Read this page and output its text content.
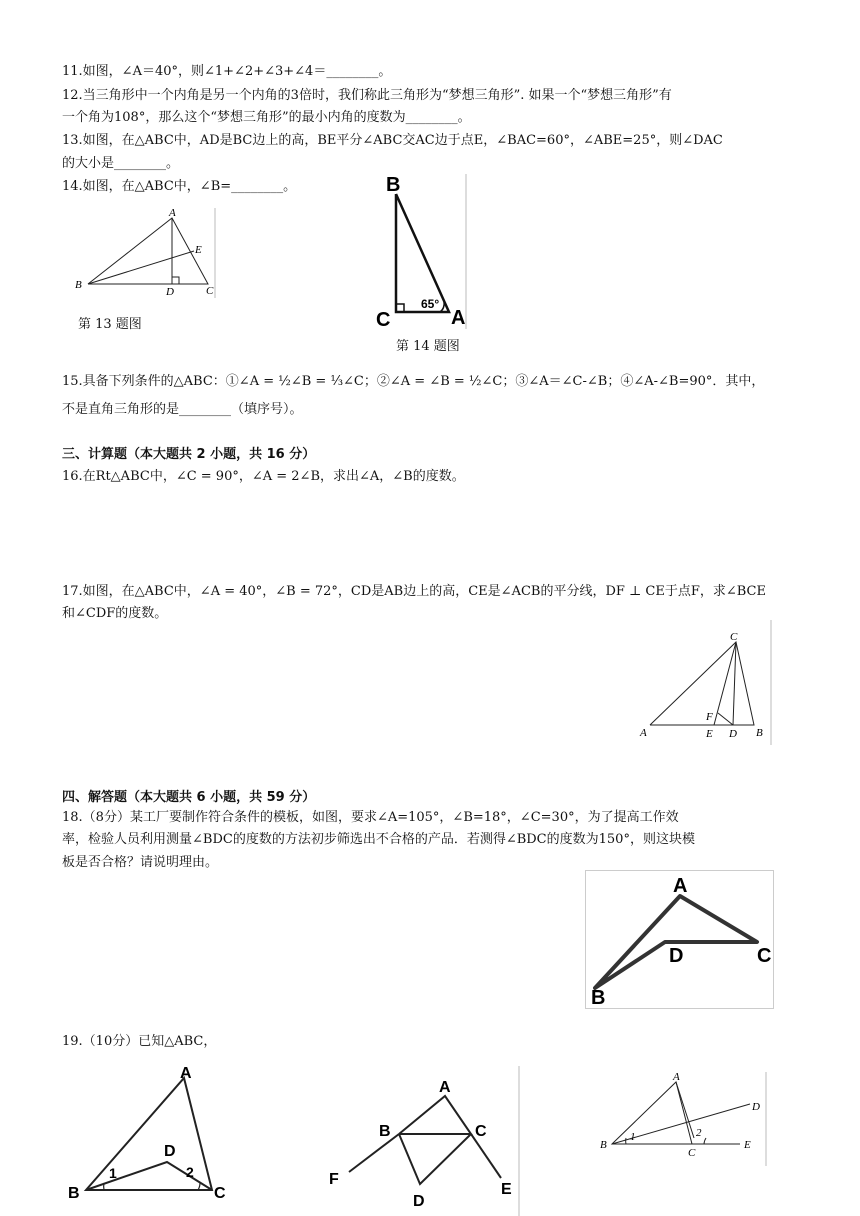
11.如图，∠A＝40°，则∠1+∠2+∠3+∠4＝________。
12.当三角形中一个内角是另一个内角的3倍时，我们称此三角形为“梦想三角形”. 如果一个“梦想三角形”有
一个角为108°，那么这个“梦想三角形”的最小内角的度数为________。
13.如图，在△ABC中，AD是BC边上的高，BE平分∠ABC交AC边于点E，∠BAC=60°，∠ABE=25°，则∠DAC
的大小是________。
14.如图，在△ABC中，∠B=________。
A
B	C
D
E
第 13 题图
B
C	A
65°
第 14 题图
15.具备下列条件的△ABC：①∠A = ½∠B = ⅓∠C；②∠A = ∠B = ½∠C；③∠A＝∠C-∠B；④∠A-∠B=90°．其中，
不是直角三角形的是________（填序号）。
三、计算题（本大题共 2 小题，共 16 分）
16.在Rt△ABC中，∠C = 90°，∠A = 2∠B，求出∠A，∠B的度数。
17.如图，在△ABC中，∠A = 40°，∠B = 72°，CD是AB边上的高，CE是∠ACB的平分线，DF ⊥ CE于点F，求∠BCE
和∠CDF的度数。
C
A	E D B
F
四、解答题（本大题共 6 小题，共 59 分）
18.（8分）某工厂要制作符合条件的模板，如图，要求∠A=105°，∠B=18°，∠C=30°，为了提高工作效
率，检验人员利用测量∠BDC的度数的方法初步筛选出不合格的产品．若测得∠BDC的度数为150°，则这块模
板是否合格？请说明理由。
A
B
C
D
19.（10分）已知△ABC，
A
B	C
D
1	2
A
B	C
D
E
F
A
B
C
D
E
1	2
